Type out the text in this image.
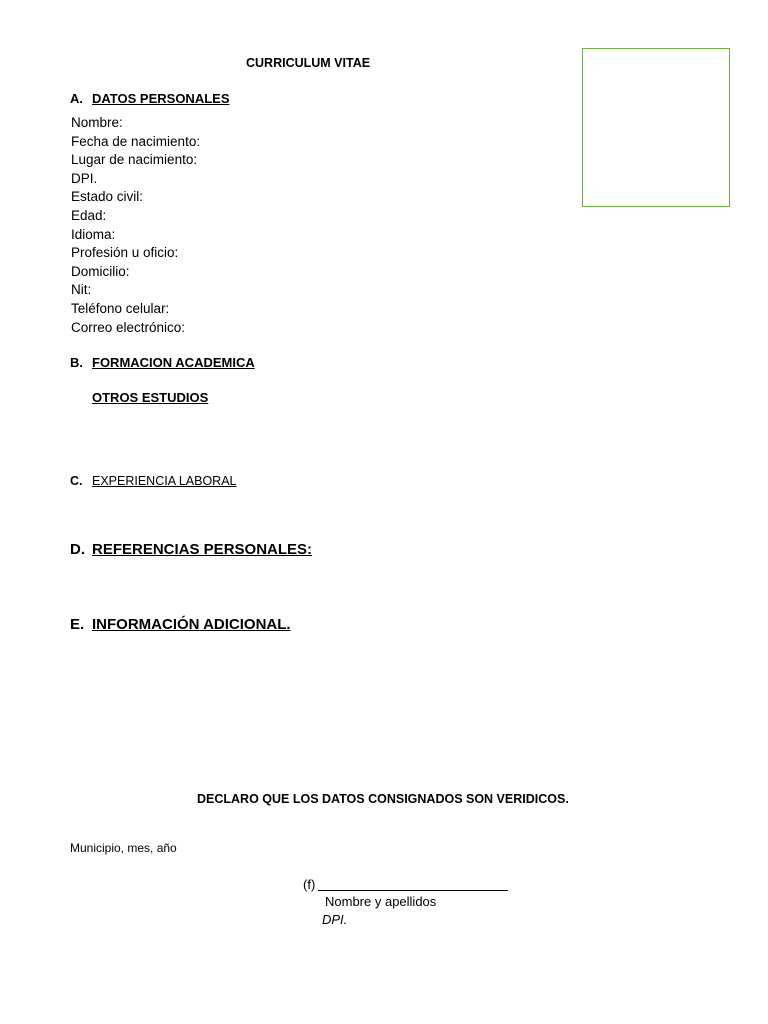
CURRICULUM VITAE
A. DATOS PERSONALES
Nombre:
Fecha de nacimiento:
Lugar de nacimiento:
DPI.
Estado civil:
Edad:
Idioma:
Profesión u oficio:
Domicilio:
Nit:
Teléfono celular:
Correo electrónico:
B. FORMACION ACADEMICA
OTROS ESTUDIOS
C. EXPERIENCIA LABORAL
D. REFERENCIAS PERSONALES:
E. INFORMACIÓN ADICIONAL.
DECLARO QUE LOS DATOS CONSIGNADOS SON VERIDICOS.
Municipio, mes, año
(f)
Nombre y apellidos
DPI.
